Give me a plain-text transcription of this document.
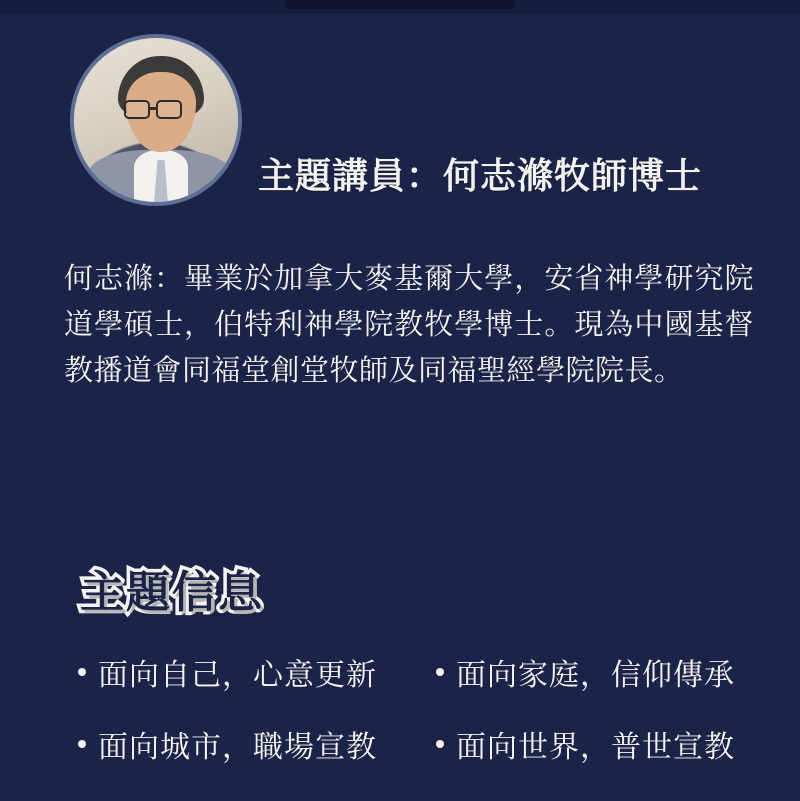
主題講員：何志滌牧師博士
何志滌：畢業於加拿大麥基爾大學，安省神學研究院道學碩士，伯特利神學院教牧學博士。現為中國基督教播道會同福堂創堂牧師及同福聖經學院院長。
主題信息
面向自己，心意更新	面向家庭，信仰傳承
面向城市，職場宣教	面向世界，普世宣教
